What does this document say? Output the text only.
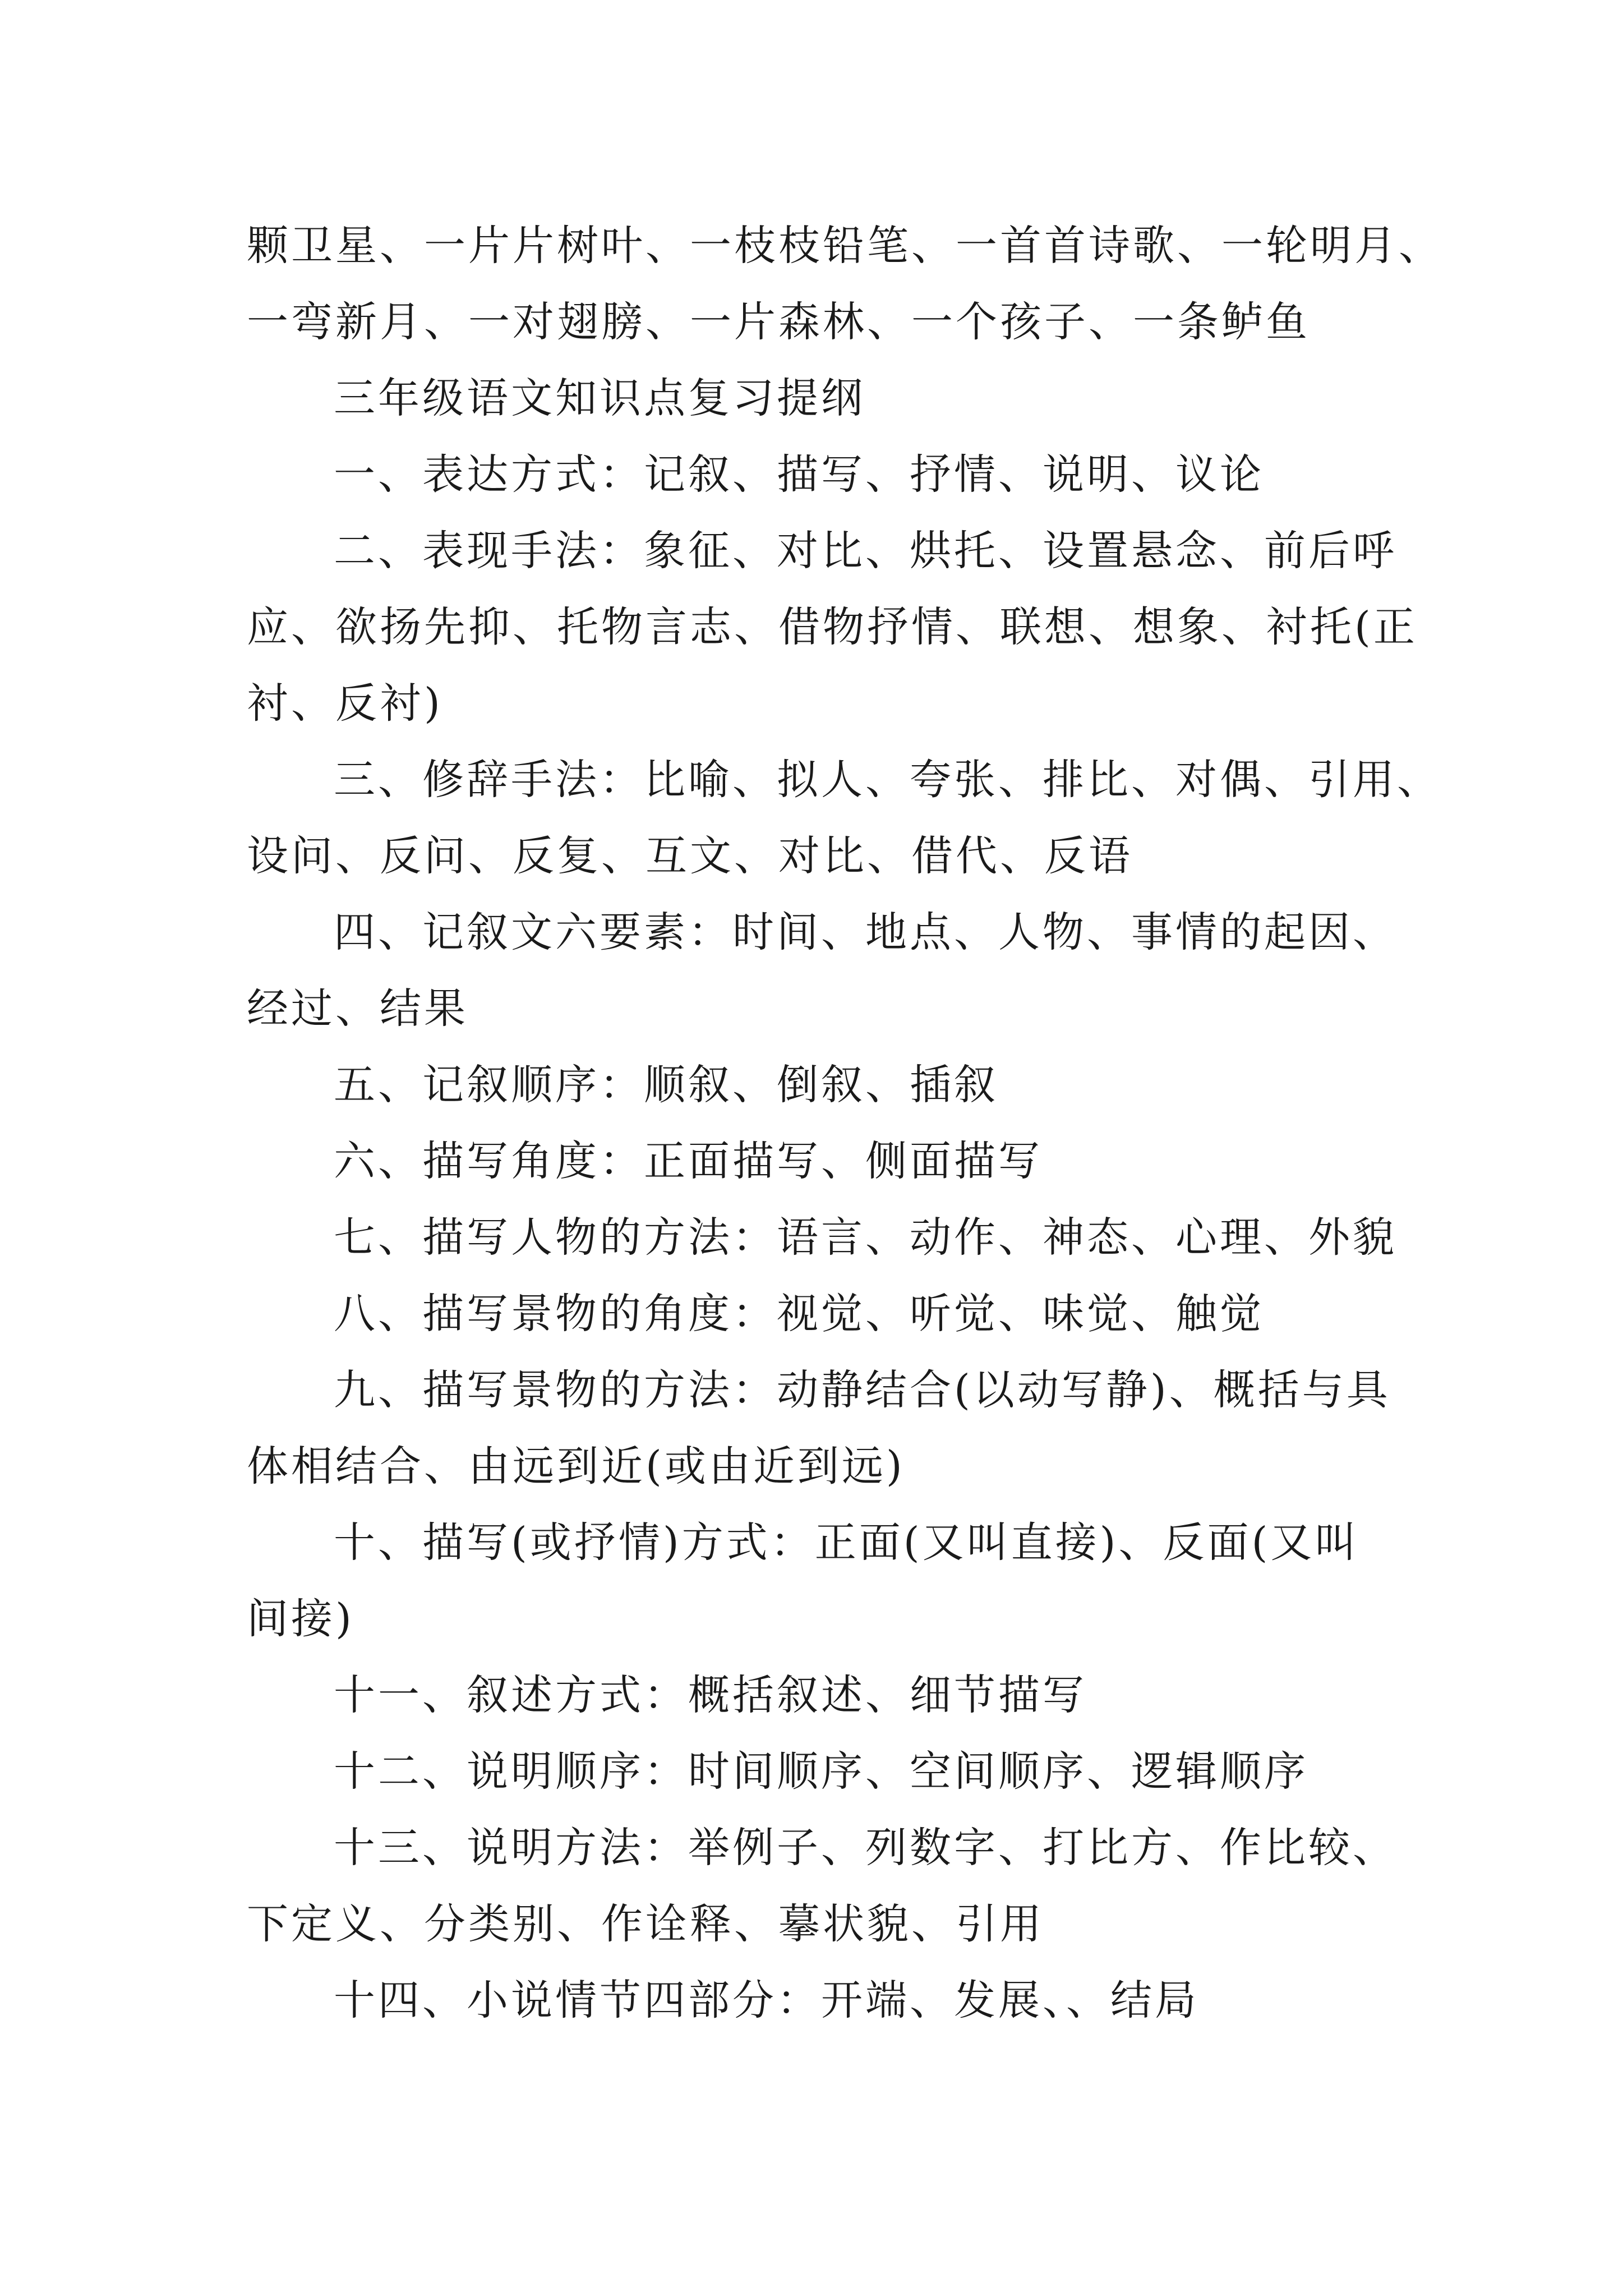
颗卫星、一片片树叶、一枝枝铅笔、一首首诗歌、一轮明月、
一弯新月、一对翅膀、一片森林、一个孩子、一条鲈鱼
三年级语文知识点复习提纲
一、表达方式：记叙、描写、抒情、说明、议论
二、表现手法：象征、对比、烘托、设置悬念、前后呼
应、欲扬先抑、托物言志、借物抒情、联想、想象、衬托(正
衬、反衬)
三、修辞手法：比喻、拟人、夸张、排比、对偶、引用、
设问、反问、反复、互文、对比、借代、反语
四、记叙文六要素：时间、地点、人物、事情的起因、
经过、结果
五、记叙顺序：顺叙、倒叙、插叙
六、描写角度：正面描写、侧面描写
七、描写人物的方法：语言、动作、神态、心理、外貌
八、描写景物的角度：视觉、听觉、味觉、触觉
九、描写景物的方法：动静结合(以动写静)、概括与具
体相结合、由远到近(或由近到远)
十、描写(或抒情)方式：正面(又叫直接)、反面(又叫
间接)
十一、叙述方式：概括叙述、细节描写
十二、说明顺序：时间顺序、空间顺序、逻辑顺序
十三、说明方法：举例子、列数字、打比方、作比较、
下定义、分类别、作诠释、摹状貌、引用
十四、小说情节四部分：开端、发展、、结局
